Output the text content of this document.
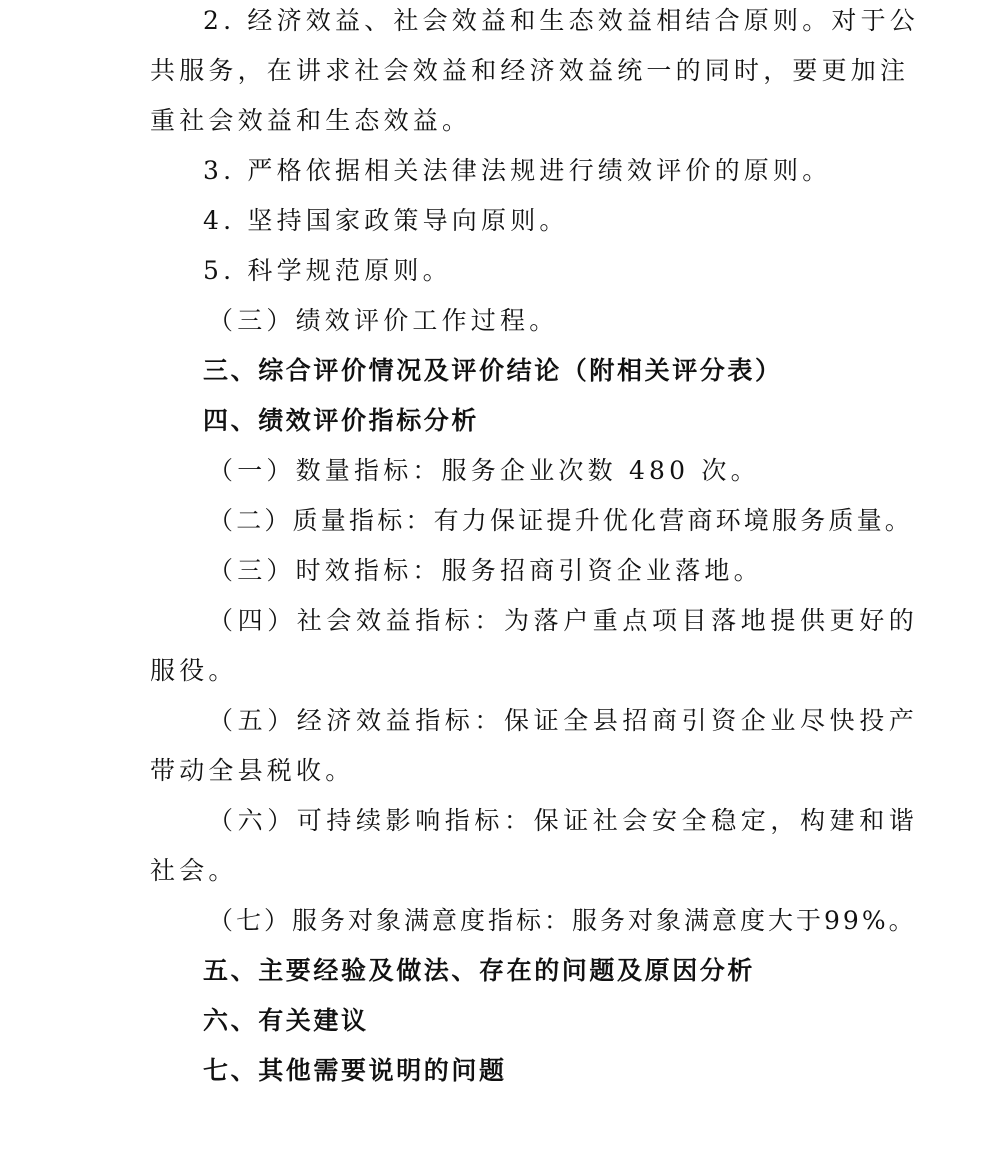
2. 经济效益、社会效益和生态效益相结合原则。对于公
共服务，在讲求社会效益和经济效益统一的同时，要更加注
重社会效益和生态效益。
3. 严格依据相关法律法规进行绩效评价的原则。
4. 坚持国家政策导向原则。
5. 科学规范原则。
（三）绩效评价工作过程。
三、综合评价情况及评价结论（附相关评分表）
四、绩效评价指标分析
（一）数量指标：服务企业次数 480 次。
（二）质量指标：有力保证提升优化营商环境服务质量。
（三）时效指标：服务招商引资企业落地。
（四）社会效益指标：为落户重点项目落地提供更好的
服役。
（五）经济效益指标：保证全县招商引资企业尽快投产
带动全县税收。
（六）可持续影响指标：保证社会安全稳定，构建和谐
社会。
（七）服务对象满意度指标：服务对象满意度大于99%。
五、主要经验及做法、存在的问题及原因分析
六、有关建议
七、其他需要说明的问题
